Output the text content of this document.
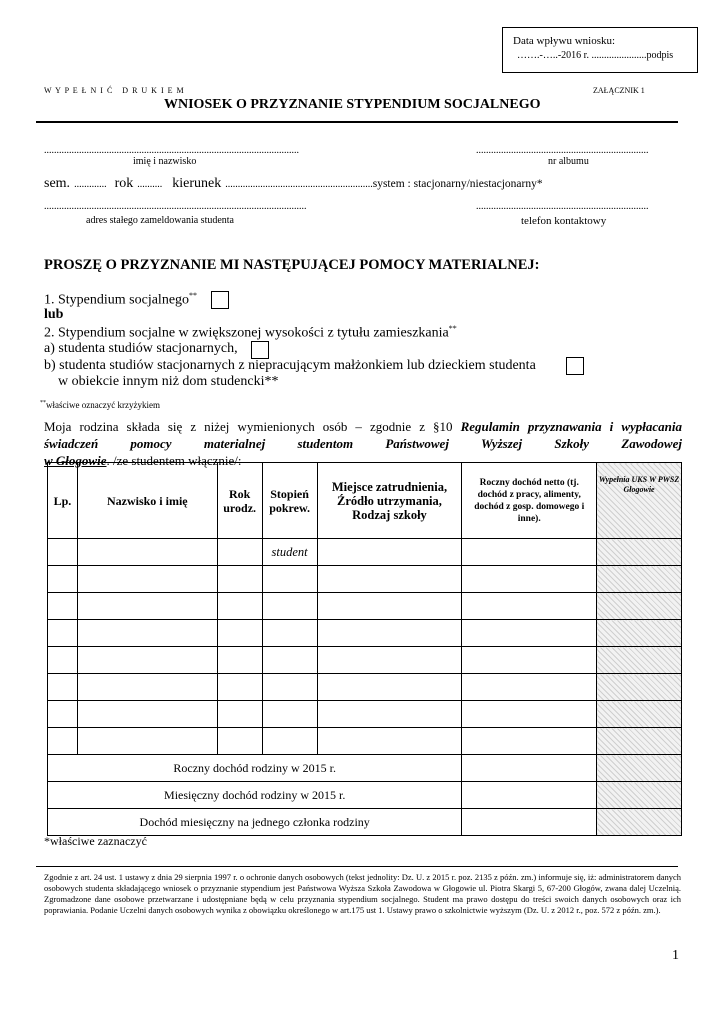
Data wpływu wniosku:
…….-…..-2016 r. ......................podpis
W Y P E Ł N I Ć   D R U K I E M	ZAŁĄCZNIK 1
WNIOSEK O PRZYZNANIE STYPENDIUM SOCJALNEGO
......................................................................................................
imię i nazwisko
.....................................................................
nr albumu
sem. ............. rok .......... kierunek ...........................................................system : stacjonarny/niestacjonarny*
.........................................................................................................
adres stałego zameldowania studenta
.....................................................................
telefon kontaktowy
PROSZĘ O PRZYZNANIE MI NASTĘPUJĄCEJ POMOCY MATERIALNEJ:
1. Stypendium socjalnego**
lub
2. Stypendium socjalne w zwiększonej wysokości z tytułu zamieszkania**
a) studenta studiów stacjonarnych,
b) studenta studiów stacjonarnych z niepracującym małżonkiem lub dzieckiem studenta
w obiekcie innym niż dom studencki**
**właściwe oznaczyć krzyżykiem
Moja rodzina składa się z niżej wymienionych osób – zgodnie z §10 Regulamin przyznawania i wypłacania
świadczeń pomocy materialnej studentom Państwowej Wyższej Szkoły Zawodowej
w Głogowie. /ze studentem włącznie/:
Lp.	Nazwisko i imię	Rok urodz.	Stopień pokrew.	Miejsce zatrudnienia, Źródło utrzymania, Rodzaj szkoły	Roczny dochód netto (tj. dochód z pracy, alimenty, dochód z gosp. domowego i inne).	Wypełnia UKS W PWSZ Głogowie
			student			

Roczny dochód rodziny w 2015 r.						
Miesięczny dochód rodziny w 2015 r.						
Dochód miesięczny na jednego członka rodziny						
*właściwe zaznaczyć
Zgodnie z art. 24 ust. 1 ustawy z dnia 29 sierpnia 1997 r. o ochronie danych osobowych (tekst jednolity: Dz. U. z 2015 r. poz. 2135 z późn. zm.) informuje się, iż: administratorem danych osobowych studenta składającego wniosek o przyznanie stypendium jest Państwowa Wyższa Szkoła Zawodowa w Głogowie ul. Piotra Skargi 5, 67-200 Głogów, zwana dalej Uczelnią. Zgromadzone dane osobowe przetwarzane i udostępniane będą w celu przyznania stypendium socjalnego. Student ma prawo dostępu do treści swoich danych osobowych oraz ich poprawiania. Podanie Uczelni danych osobowych wynika z obowiązku określonego w art.175 ust 1. Ustawy prawo o szkolnictwie wyższym (Dz. U. z 2012 r., poz. 572 z późn. zm.).
1
